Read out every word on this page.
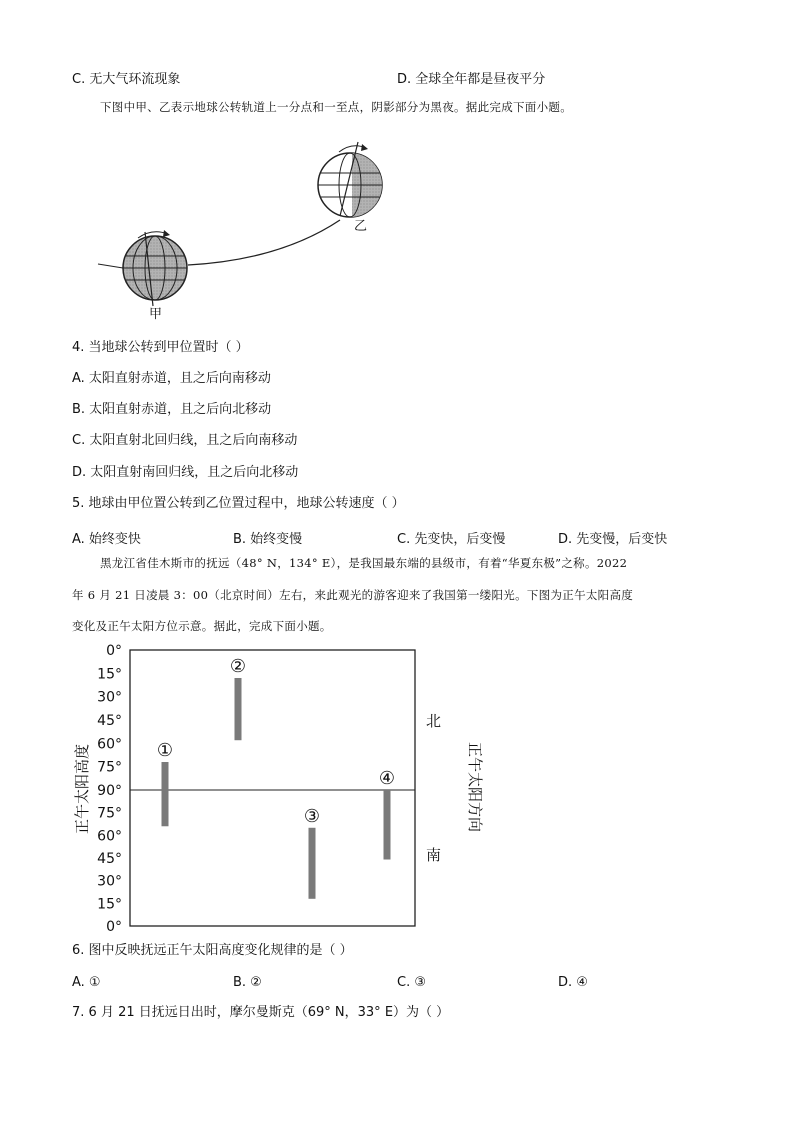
C. 无大气环流现象	D. 全球全年都是昼夜平分
下图中甲、乙表示地球公转轨道上一分点和一至点，阴影部分为黑夜。据此完成下面小题。
甲
乙
4. 当地球公转到甲位置时（ ）
A. 太阳直射赤道，且之后向南移动
B. 太阳直射赤道，且之后向北移动
C. 太阳直射北回归线，且之后向南移动
D. 太阳直射南回归线，且之后向北移动
5. 地球由甲位置公转到乙位置过程中，地球公转速度（ ）
A. 始终变快	B. 始终变慢	C. 先变快，后变慢	D. 先变慢，后变快
黑龙江省佳木斯市的抚远（48° N，134° E），是我国最东端的县级市，有着“华夏东极”之称。2022
年 6 月 21 日凌晨 3：00（北京时间）左右，来此观光的游客迎来了我国第一缕阳光。下图为正午太阳高度
变化及正午太阳方位示意。据此，完成下面小题。
0°
15°
30°
45°
60°
75°
90°
75°
60°
45°
30°
15°
0°
①
②
③
④
正午太阳高度	正午太阳方向
北
南
6. 图中反映抚远正午太阳高度变化规律的是（ ）
A. ①	B. ②	C. ③	D. ④
7. 6 月 21 日抚远日出时，摩尔曼斯克（69° N，33° E）为（ ）
